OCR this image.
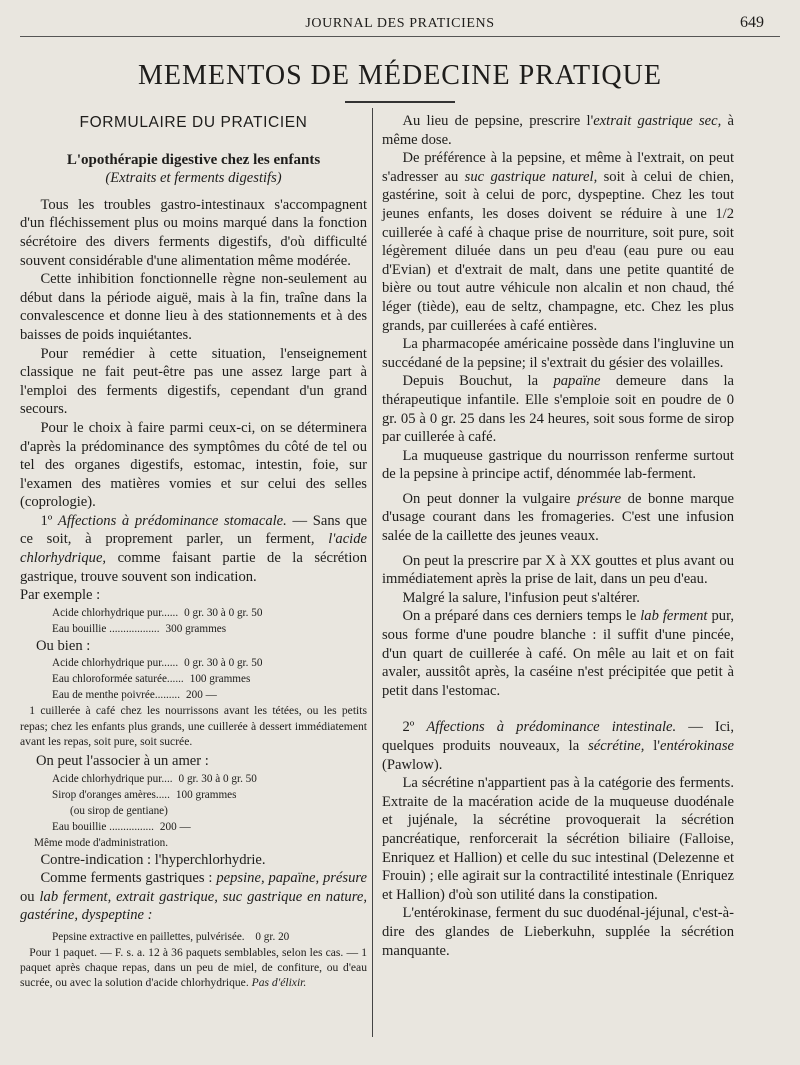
JOURNAL DES PRATICIENS	649
MEMENTOS DE MÉDECINE PRATIQUE
FORMULAIRE DU PRATICIEN
L'opothérapie digestive chez les enfants
(Extraits et ferments digestifs)

Tous les troubles gastro-intestinaux s'accompagnent d'un fléchissement plus ou moins marqué dans la fonction sécrétoire des divers ferments digestifs, d'où difficulté souvent considérable d'une alimentation même modérée.

Cette inhibition fonctionnelle règne non-seulement au début dans la période aiguë, mais à la fin, traîne dans la convalescence et donne lieu à des stationnements et à des baisses de poids inquiétantes.

Pour remédier à cette situation, l'enseignement classique ne fait peut-être pas une assez large part à l'emploi des ferments digestifs, cependant d'un grand secours.

Pour le choix à faire parmi ceux-ci, on se déterminera d'après la prédominance des symptômes du côté de tel ou tel des organes digestifs, estomac, intestin, foie, sur l'examen des matières vomies et sur celui des selles (coprologie).

1º Affections à prédominance stomacale. — Sans que ce soit, à proprement parler, un ferment, l'acide chlorhydrique, comme faisant partie de la sécrétion gastrique, trouve souvent son indication.

Par exemple :
Acide chlorhydrique pur...... 0 gr. 30 à 0 gr. 50
Eau bouillie .................. 300 grammes
Ou bien :
Acide chlorhydrique pur...... 0 gr. 30 à 0 gr. 50
Eau chloroformée saturée...... 100 grammes
Eau de menthe poivrée......... 200 —

1 cuillerée à café chez les nourrissons avant les tétées, ou les petits repas; chez les enfants plus grands, une cuillerée à dessert immédiatement avant les repas, soit pure, soit sucrée.

On peut l'associer à un amer :
Acide chlorhydrique pur.... 0 gr. 30 à 0 gr. 50
Sirop d'oranges amères..... 100 grammes
(ou sirop de gentiane)
Eau bouillie ................ 200 —
Même mode d'administration.

Contre-indication : l'hyperchlorhydrie.

Comme ferments gastriques : pepsine, papaïne, présure ou lab ferment, extrait gastrique, suc gastrique en nature, gastérine, dyspeptine :

Pepsine extractive en paillettes, pulvérisée. 0 gr. 20

Pour 1 paquet. — F. s. a. 12 à 36 paquets semblables, selon les cas. — 1 paquet après chaque repas, dans un peu de miel, de confiture, ou d'eau sucrée, ou avec la solution d'acide chlorhydrique. Pas d'élixir.

Au lieu de pepsine, prescrire l'extrait gastrique sec, à même dose.

De préférence à la pepsine, et même à l'extrait, on peut s'adresser au suc gastrique naturel, soit à celui de chien, gastérine, soit à celui de porc, dyspeptine. Chez les tout jeunes enfants, les doses doivent se réduire à une 1/2 cuillerée à café à chaque prise de nourriture, soit pure, soit légèrement diluée dans un peu d'eau (eau pure ou eau d'Evian) et d'extrait de malt, dans une petite quantité de bière ou tout autre véhicule non alcalin et non chaud, thé léger (tiède), eau de seltz, champagne, etc. Chez les plus grands, par cuillerées à café entières.

La pharmacopée américaine possède dans l'ingluvine un succédané de la pepsine; il s'extrait du gésier des volailles.

Depuis Bouchut, la papaïne demeure dans la thérapeutique infantile. Elle s'emploie soit en poudre de 0 gr. 05 à 0 gr. 25 dans les 24 heures, soit sous forme de sirop par cuillerée à café.

La muqueuse gastrique du nourrisson renferme surtout de la pepsine à principe actif, dénommée lab-ferment.

On peut donner la vulgaire présure de bonne marque d'usage courant dans les fromageries. C'est une infusion salée de la caillette des jeunes veaux.

On peut la prescrire par X à XX gouttes et plus avant ou immédiatement après la prise de lait, dans un peu d'eau.

Malgré la salure, l'infusion peut s'altérer.

On a préparé dans ces derniers temps le lab ferment pur, sous forme d'une poudre blanche : il suffit d'une pincée, d'un quart de cuillerée à café. On mêle au lait et on fait avaler, aussitôt après, la caséine n'est précipitée que petit à petit dans l'estomac.

2º Affections à prédominance intestinale. — Ici, quelques produits nouveaux, la sécrétine, l'entérokinase (Pawlow).

La sécrétine n'appartient pas à la catégorie des ferments. Extraite de la macération acide de la muqueuse duodénale et jujénale, la sécrétine provoquerait la sécrétion pancréatique, renforcerait la sécrétion biliaire (Falloise, Enriquez et Hallion) et celle du suc intestinal (Delezenne et Frouin) ; elle agirait sur la contractilité intestinale (Enriquez et Hallion) d'où son utilité dans la constipation.

L'entérokinase, ferment du suc duodénal-jéjunal, c'est-à-dire des glandes de Lieberkuhn, supplée la sécrétion manquante.
